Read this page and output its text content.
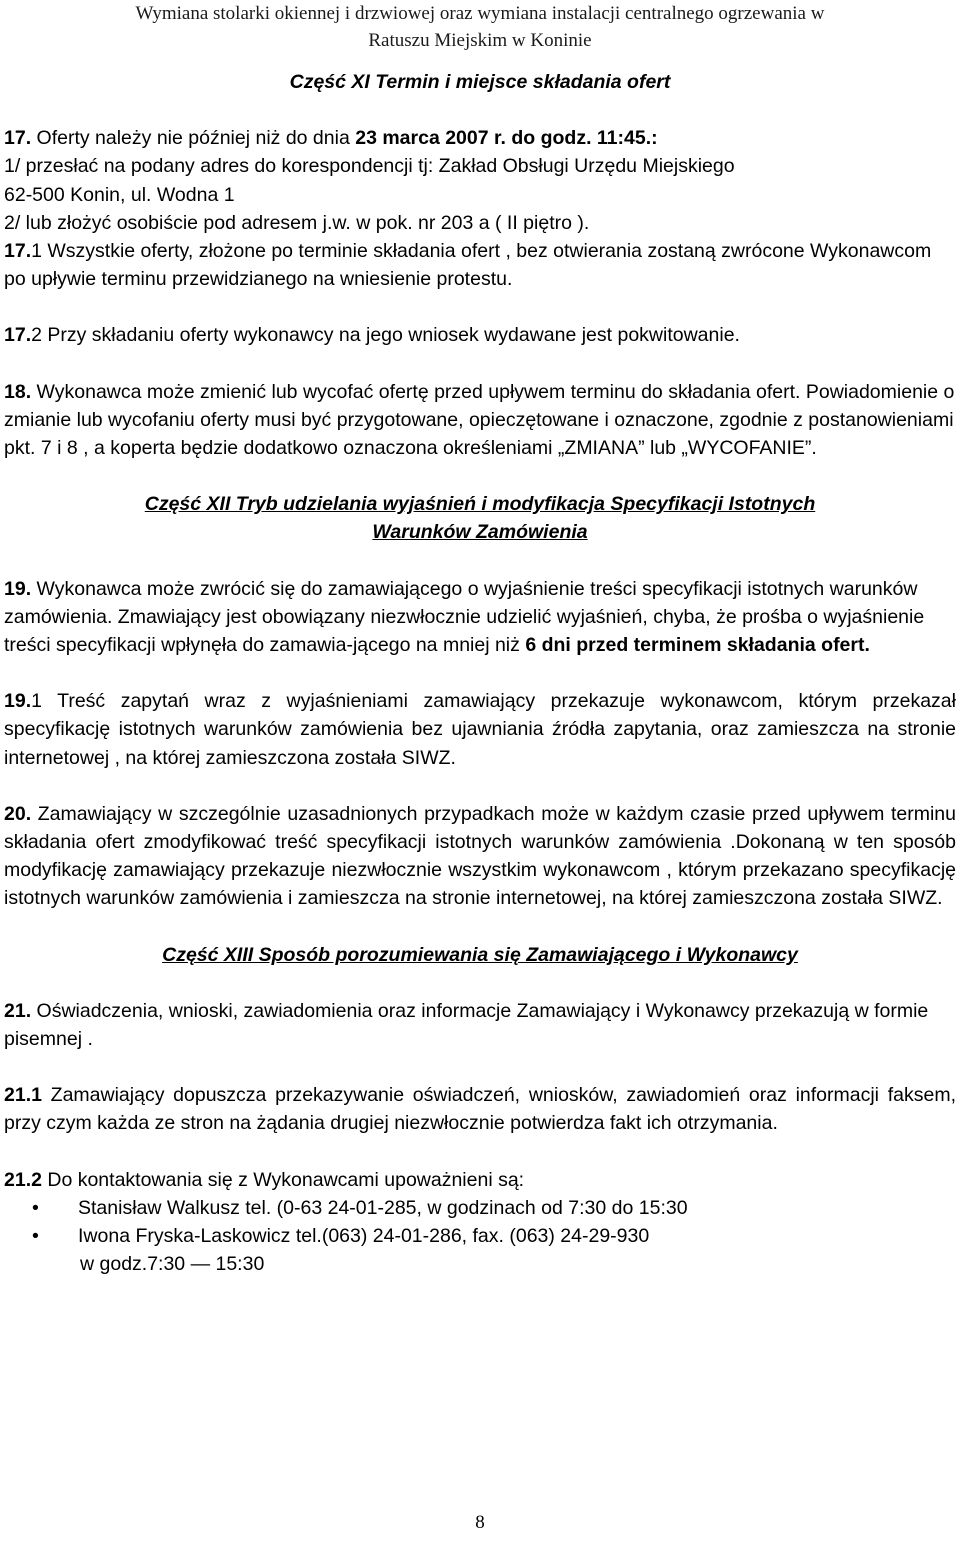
Wymiana stolarki okiennej i drzwiowej oraz wymiana instalacji centralnego ogrzewania w
Ratuszu Miejskim w Koninie

Część XI Termin i miejsce składania ofert

17. Oferty należy nie później niż do dnia 23 marca 2007 r. do godz. 11:45.:

1/ przesłać na podany adres do korespondencji tj: Zakład Obsługi Urzędu Miejskiego

62-500 Konin, ul. Wodna 1

2/ lub złożyć osobiście pod adresem j.w. w pok. nr 203 a ( II piętro ).

17.1 Wszystkie oferty, złożone po terminie składania ofert , bez otwierania zostaną zwrócone Wykonawcom po upływie terminu przewidzianego na wniesienie protestu.

17.2 Przy składaniu oferty wykonawcy na jego wniosek wydawane jest pokwitowanie.

18. Wykonawca może zmienić lub wycofać ofertę przed upływem terminu do składania ofert. Powiadomienie o zmianie lub wycofaniu oferty musi być przygotowane, opieczętowane i oznaczone, zgodnie z postanowieniami pkt. 7 i 8 , a koperta będzie dodatkowo oznaczona określeniami „ZMIANA” lub „WYCOFANIE”.

Część XII Tryb udzielania wyjaśnień i modyfikacja Specyfikacji Istotnych

Warunków Zamówienia

19. Wykonawca może zwrócić się do zamawiającego o wyjaśnienie treści specyfikacji istotnych warunków zamówienia. Zmawiający jest obowiązany niezwłocznie udzielić wyjaśnień, chyba, że prośba o wyjaśnienie treści specyfikacji wpłynęła do zamawia-jącego na mniej niż 6 dni przed terminem składania ofert.

19.1 Treść zapytań wraz z wyjaśnieniami zamawiający przekazuje wykonawcom, którym przekazał specyfikację istotnych warunków zamówienia bez ujawniania źródła zapytania, oraz zamieszcza na stronie internetowej , na której zamieszczona została SIWZ.

20. Zamawiający w szczególnie uzasadnionych przypadkach może w każdym czasie przed upływem terminu składania ofert zmodyfikować treść specyfikacji istotnych warunków zamówienia .Dokonaną w ten sposób modyfikację zamawiający przekazuje niezwłocznie wszystkim wykonawcom , którym przekazano specyfikację istotnych warunków zamówienia i zamieszcza na stronie internetowej, na której zamieszczona została SIWZ.

Część XIII Sposób porozumiewania się Zamawiającego i Wykonawcy

21. Oświadczenia, wnioski, zawiadomienia oraz informacje Zamawiający i Wykonawcy przekazują w formie pisemnej .

21.1 Zamawiający dopuszcza przekazywanie oświadczeń, wniosków, zawiadomień oraz informacji faksem, przy czym każda ze stron na żądania drugiej niezwłocznie potwierdza fakt ich otrzymania.

21.2 Do kontaktowania się z Wykonawcami upoważnieni są:

• Stanisław Walkusz tel. (0-63 24-01-285, w godzinach od 7:30 do 15:30
• Iwona Fryska-Laskowicz tel.(063) 24-01-286, fax. (063) 24-29-930

w godz.7:30 — 15:30

8
